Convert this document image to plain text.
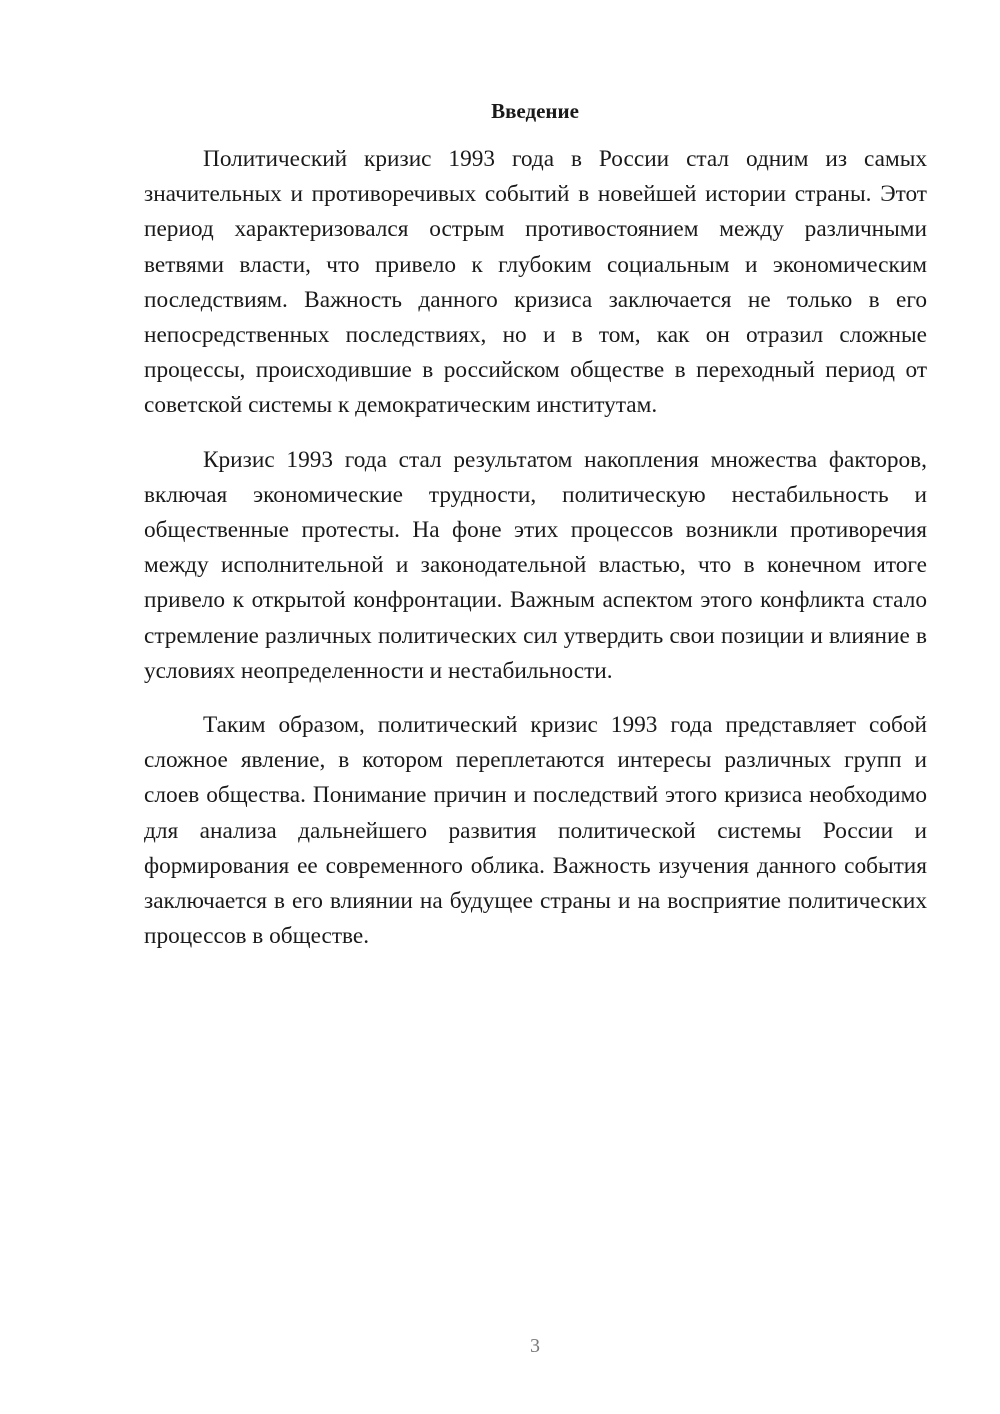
Введение

Политический кризис 1993 года в России стал одним из самых значительных и противоречивых событий в новейшей истории страны. Этот период характеризовался острым противостоянием между различными ветвями власти, что привело к глубоким социальным и экономическим последствиям. Важность данного кризиса заключается не только в его непосредственных последствиях, но и в том, как он отразил сложные процессы, происходившие в российском обществе в переходный период от советской системы к демократическим институтам.

Кризис 1993 года стал результатом накопления множества факторов, включая экономические трудности, политическую нестабильность и общественные протесты. На фоне этих процессов возникли противоречия между исполнительной и законодательной властью, что в конечном итоге привело к открытой конфронтации. Важным аспектом этого конфликта стало стремление различных политических сил утвердить свои позиции и влияние в условиях неопределенности и нестабильности.

Таким образом, политический кризис 1993 года представляет собой сложное явление, в котором переплетаются интересы различных групп и слоев общества. Понимание причин и последствий этого кризиса необходимо для анализа дальнейшего развития политической системы России и формирования ее современного облика. Важность изучения данного события заключается в его влиянии на будущее страны и на восприятие политических процессов в обществе.

3
